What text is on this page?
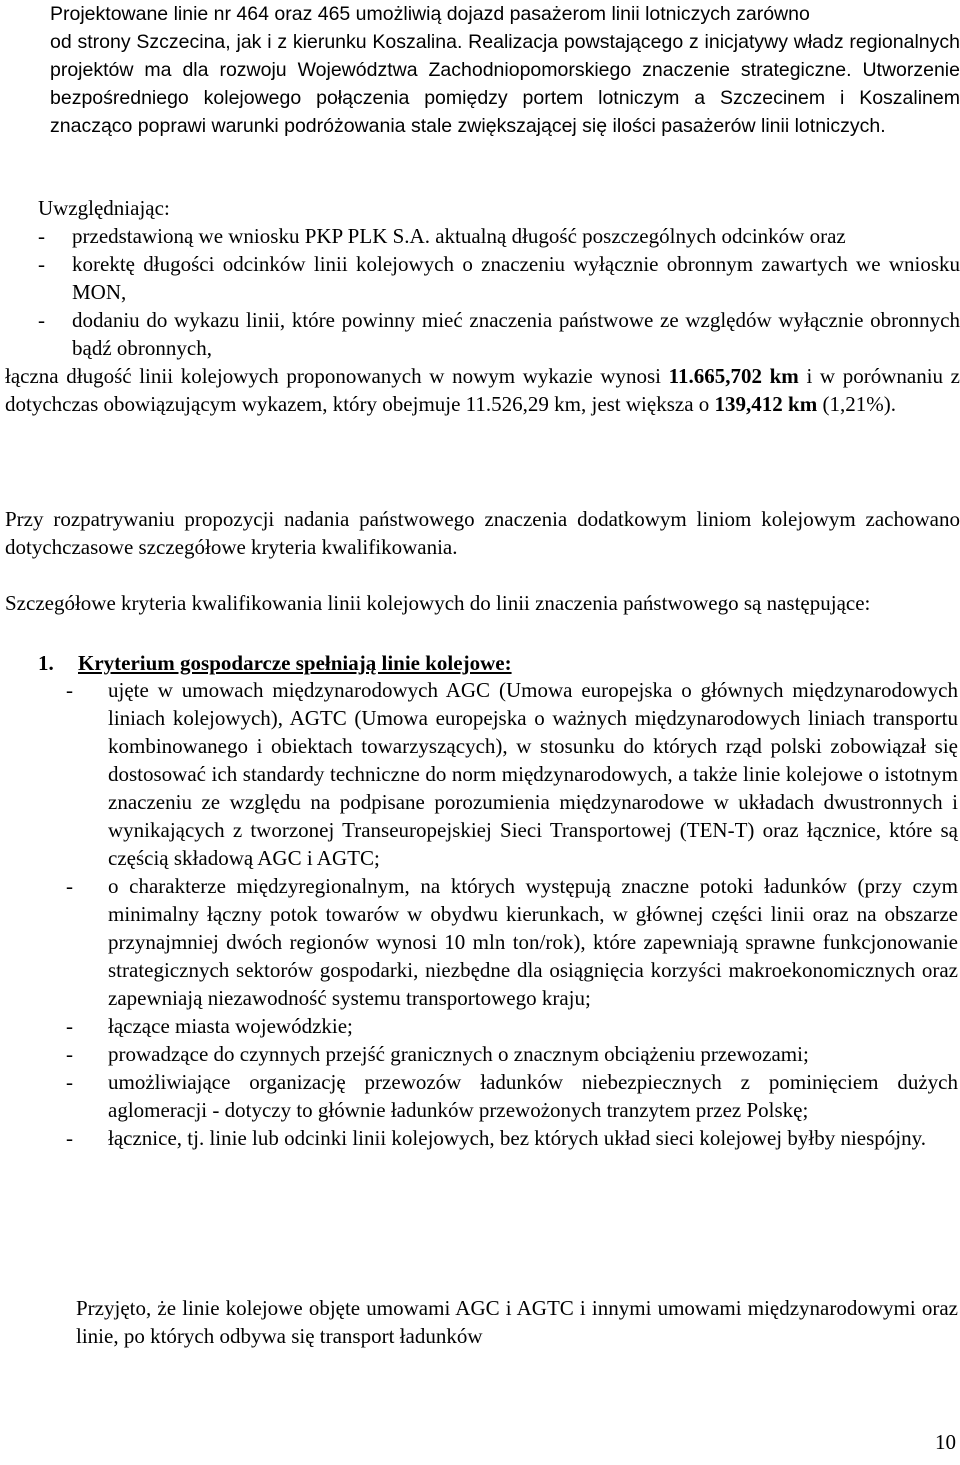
Projektowane linie nr 464 oraz 465 umożliwią dojazd pasażerom linii lotniczych zarówno
od strony Szczecina, jak i z kierunku Koszalina. Realizacja powstającego z inicjatywy władz regionalnych projektów ma dla rozwoju Województwa Zachodniopomorskiego znaczenie strategiczne. Utworzenie bezpośredniego kolejowego połączenia pomiędzy portem lotniczym a Szczecinem i Koszalinem znacząco poprawi warunki podróżowania stale zwiększającej się ilości pasażerów linii lotniczych.
Uwzględniając:
-	przedstawioną we wniosku PKP PLK S.A. aktualną długość poszczególnych odcinków oraz
-	korektę długości odcinków linii kolejowych o znaczeniu wyłącznie obronnym zawartych we wniosku MON,
-	dodaniu do wykazu linii, które powinny mieć znaczenia państwowe ze względów wyłącznie obronnych bądź obronnych,
łączna długość linii kolejowych proponowanych w nowym wykazie wynosi 11.665,702 km i w porównaniu z dotychczas obowiązującym wykazem, który obejmuje 11.526,29 km, jest większa o 139,412 km (1,21%).
Przy rozpatrywaniu propozycji nadania państwowego znaczenia dodatkowym liniom kolejowym zachowano dotychczasowe szczegółowe kryteria kwalifikowania.
Szczegółowe kryteria kwalifikowania linii kolejowych do linii znaczenia państwowego są następujące:
1. Kryterium gospodarcze spełniają linie kolejowe:
-	ujęte w umowach międzynarodowych AGC (Umowa europejska o głównych międzynarodowych liniach kolejowych), AGTC (Umowa europejska o ważnych międzynarodowych liniach transportu kombinowanego i obiektach towarzyszących), w stosunku do których rząd polski zobowiązał się dostosować ich standardy techniczne do norm międzynarodowych, a także linie kolejowe o istotnym znaczeniu ze względu na podpisane porozumienia międzynarodowe w układach dwustronnych i wynikających z tworzonej Transeuropejskiej Sieci Transportowej (TEN-T) oraz łącznice, które są częścią składową AGC i AGTC;
-	o charakterze międzyregionalnym, na których występują znaczne potoki ładunków (przy czym minimalny łączny potok towarów w obydwu kierunkach, w głównej części linii oraz na obszarze przynajmniej dwóch regionów wynosi 10 mln ton/rok), które zapewniają sprawne funkcjonowanie strategicznych sektorów gospodarki, niezbędne dla osiągnięcia korzyści makroekonomicznych oraz zapewniają niezawodność systemu transportowego kraju;
-	łączące miasta wojewódzkie;
-	prowadzące do czynnych przejść granicznych o znacznym obciążeniu przewozami;
-	umożliwiające organizację przewozów ładunków niebezpiecznych z pominięciem dużych aglomeracji - dotyczy to głównie ładunków przewożonych tranzytem przez Polskę;
-	łącznice, tj. linie lub odcinki linii kolejowych, bez których układ sieci kolejowej byłby niespójny.
Przyjęto, że linie kolejowe objęte umowami AGC i AGTC i innymi umowami międzynarodowymi oraz linie, po których odbywa się transport ładunków
10
